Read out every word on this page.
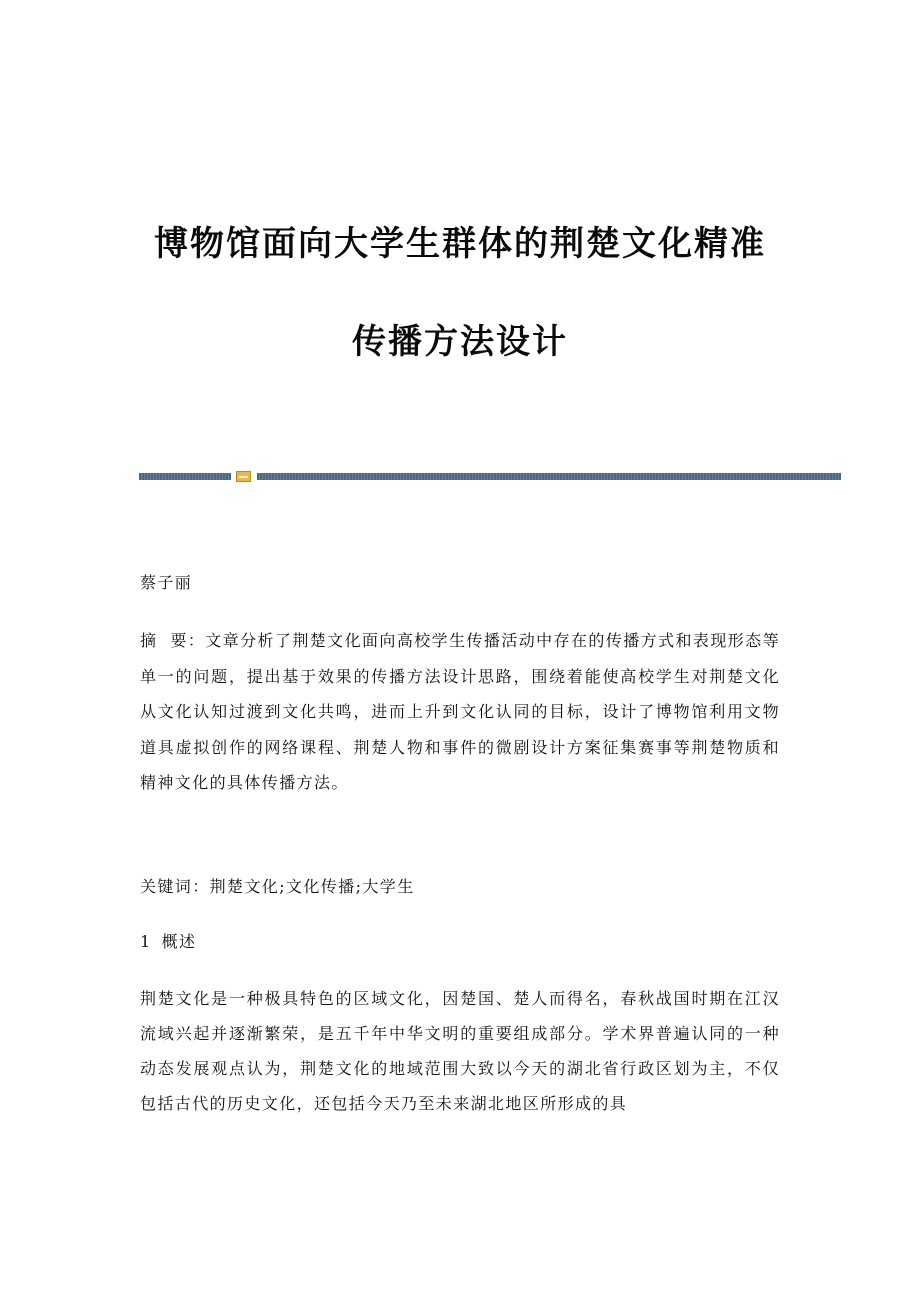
博物馆面向大学生群体的荆楚文化精准
传播方法设计
蔡子丽
摘  要：文章分析了荆楚文化面向高校学生传播活动中存在的传播方式和表现形态等单一的问题，提出基于效果的传播方法设计思路，围绕着能使高校学生对荆楚文化从文化认知过渡到文化共鸣，进而上升到文化认同的目标，设计了博物馆利用文物道具虚拟创作的网络课程、荆楚人物和事件的微剧设计方案征集赛事等荆楚物质和精神文化的具体传播方法。
关键词：荆楚文化;文化传播;大学生
1 概述
荆楚文化是一种极具特色的区域文化，因楚国、楚人而得名，春秋战国时期在江汉流域兴起并逐渐繁荣，是五千年中华文明的重要组成部分。学术界普遍认同的一种动态发展观点认为，荆楚文化的地域范围大致以今天的湖北省行政区划为主，不仅包括古代的历史文化，还包括今天乃至未来湖北地区所形成的具
